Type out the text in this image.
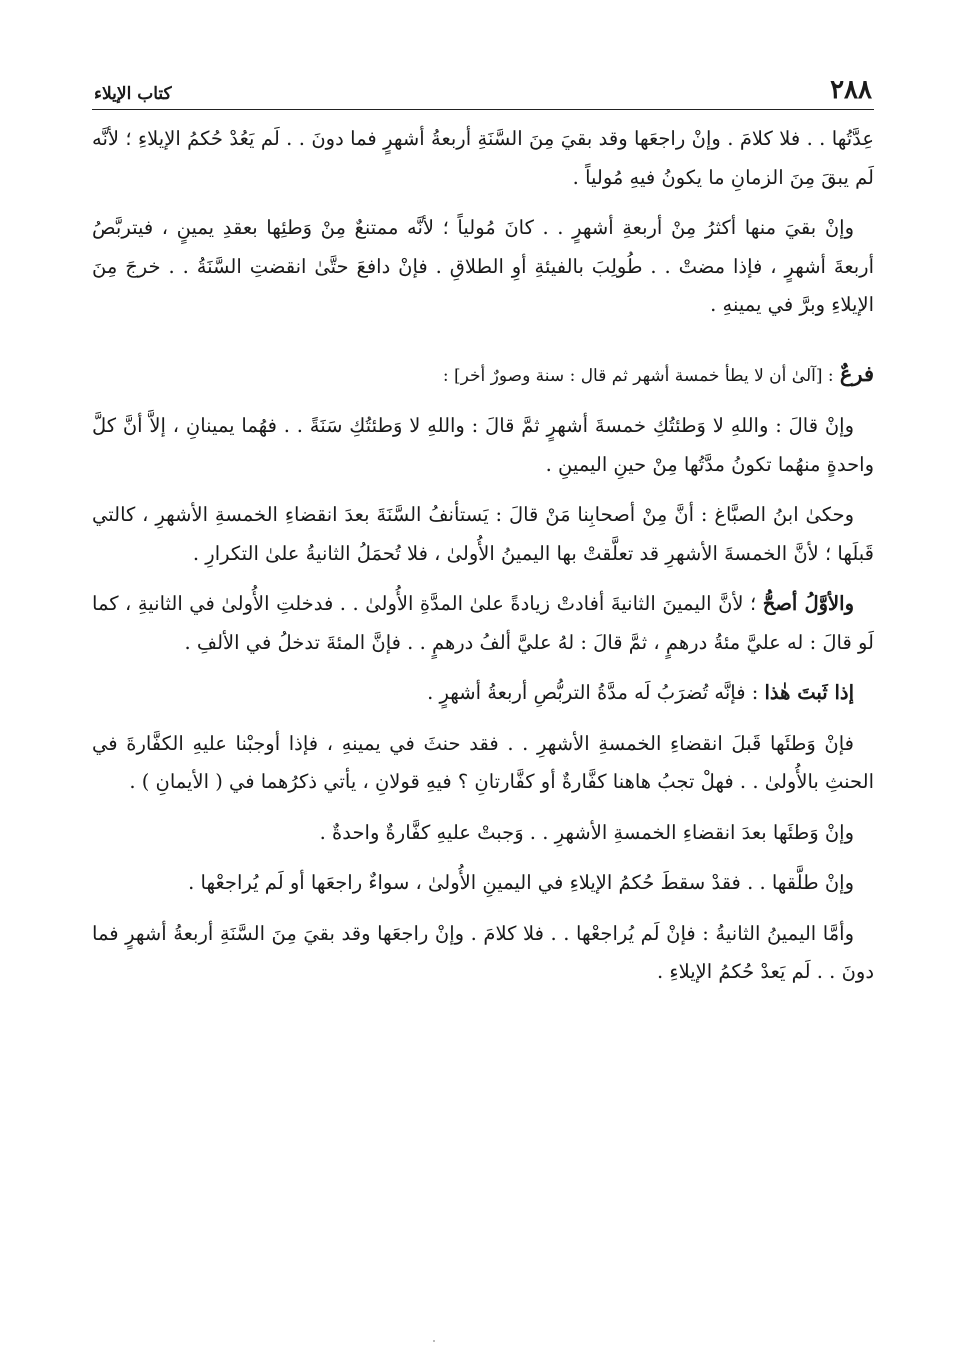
٢٨٨
كتاب الإيلاء

عِدَّتُها . . فلا كلامَ . وإنْ راجعَها وقد بقيَ مِنَ السَّنَةِ أربعةُ أشهرٍ فما دونَ . . لَم يَعُدْ حُكمُ الإيلاءِ ؛ لأنَّه لَم يبقَ مِنَ الزمانِ ما يكونُ فيهِ مُولياً .

وإنْ بقيَ منها أكثرُ مِنْ أربعةِ أشهرٍ . . كانَ مُولياً ؛ لأنَّه ممتنعٌ مِنْ وَطئِها بعقدِ يمينٍ ، فيتربَّصُ أربعةَ أشهرٍ ، فإذا مضتْ . . طُولِبَ بالفيئةِ أوِ الطلاقِ . فإنْ دافعَ حتَّىٰ انقضتِ السَّنَةُ . . خرجَ مِنَ الإيلاءِ وبرَّ في يمينهِ .

فرعٌ : [آلىٰ أن لا يطأ خمسة أشهر ثم قال : سنة وصورٌ أخر] :

وإنْ قالَ : واللهِ لا وَطئتُكِ خمسةَ أشهرٍ ثمَّ قالَ : واللهِ لا وَطئتُكِ سَنَةً . . فهُما يمينانِ ، إلاَّ أنَّ كلَّ واحدةٍ منهُما تكونُ مدَّتُها مِنْ حينِ اليمينِ .

وحكىٰ ابنُ الصبَّاغ : أنَّ مِنْ أصحابِنا مَنْ قالَ : يَستأنفُ السَّنَةَ بعدَ انقضاءِ الخمسةِ الأشهرِ ، كالتي قَبلَها ؛ لأنَّ الخمسةَ الأشهرِ قد تعلَّقتْ بها اليمينُ الأُولىٰ ، فلا تُحمَلُ الثانيةُ علىٰ التكرارِ .

والأوَّلُ أصحُّ ؛ لأنَّ اليمينَ الثانيةَ أفادتْ زيادةً علىٰ المدَّةِ الأُولىٰ . . فدخلتِ الأُولىٰ في الثانيةِ ، كما لَو قالَ : له عليَّ مئةُ درهمٍ ، ثمَّ قالَ : لهُ عليَّ ألفُ درهمٍ . . فإنَّ المئةَ تدخلُ في الألفِ .

إذا ثَبتَ هٰذا : فإنَّه تُضرَبُ لَه مدَّةُ التربُّصِ أربعةُ أشهرٍ .

فإنْ وَطئَها قَبلَ انقضاءِ الخمسةِ الأشهرِ . . فقد حنثَ في يمينهِ ، فإذا أوجبْنا عليهِ الكفَّارةَ في الحنثِ بالأُولىٰ . . فهلْ تجبُ هاهنا كفَّارةٌ أو كفَّارتانِ ؟ فيهِ قولانِ ، يأتي ذكرُهما في ( الأيمانِ ) .

وإنْ وَطئَها بعدَ انقضاءِ الخمسةِ الأشهرِ . . وَجبتْ عليهِ كفَّارةٌ واحدةٌ .

وإنْ طلَّقها . . فقدْ سقطَ حُكمُ الإيلاءِ في اليمينِ الأُولىٰ ، سواءٌ راجعَها أو لَم يُراجعْها .

وأمَّا اليمينُ الثانيةُ : فإنْ لَم يُراجعْها . . فلا كلامَ . وإنْ راجعَها وقد بقيَ مِنَ السَّنَةِ أربعةُ أشهرٍ فما دونَ . . لَم يَعدْ حُكمُ الإيلاءِ .
